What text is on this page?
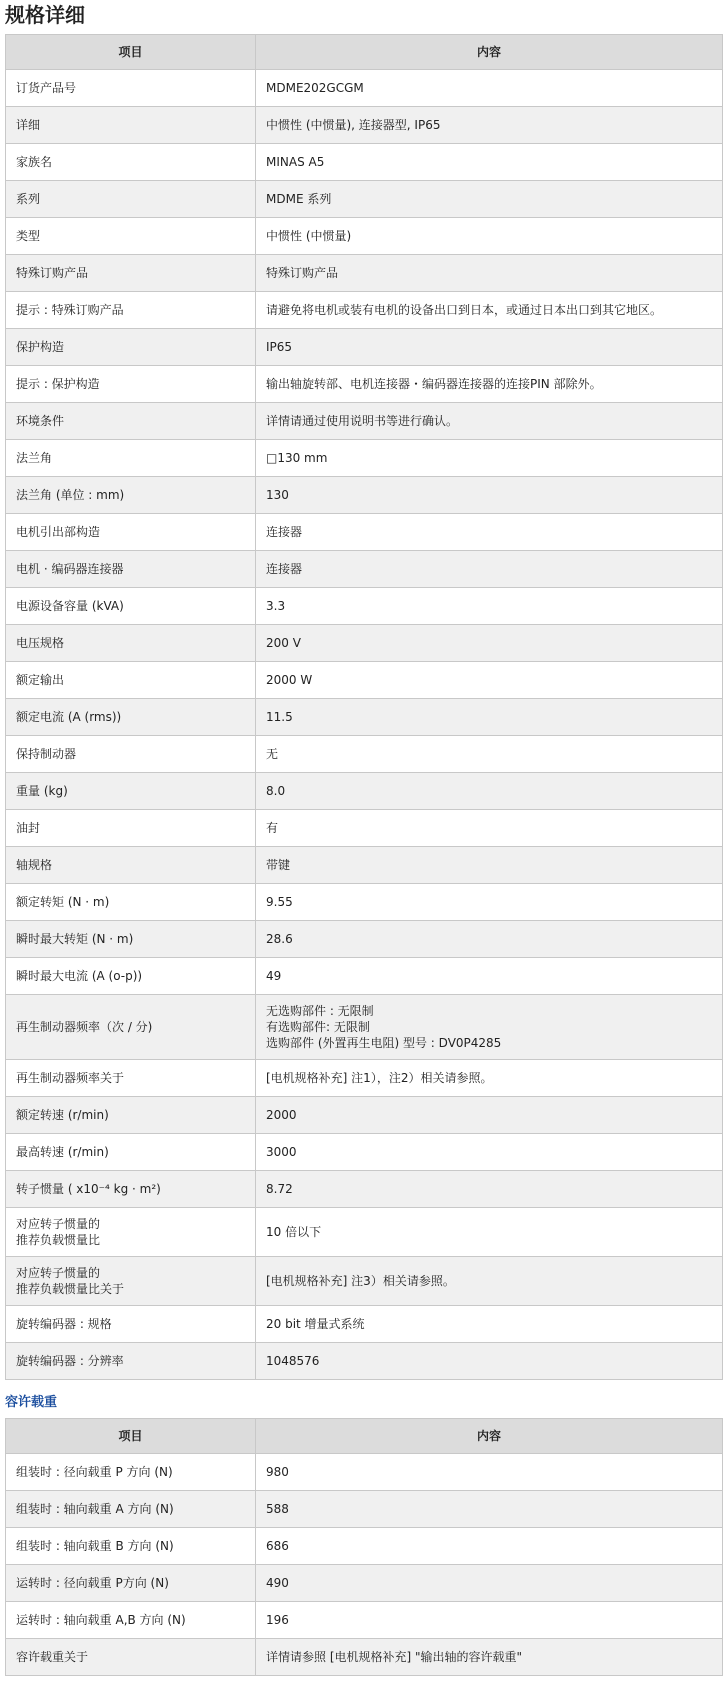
规格详细
项目	内容
订货产品号	MDME202GCGM

详细	中惯性 (中惯量), 连接器型, IP65

家族名	MINAS A5

系列	MDME 系列

类型	中惯性 (中惯量)

特殊订购产品	特殊订购产品

提示 : 特殊订购产品	请避免将电机或装有电机的设备出口到日本，或通过日本出口到其它地区。

保护构造	IP65

提示 : 保护构造	输出轴旋转部、电机连接器・编码器连接器的连接PIN 部除外。

环境条件	详情请通过使用说明书等进行确认。

法兰角	□130 mm

法兰角 (单位 : mm)	130

电机引出部构造	连接器

电机 · 编码器连接器	连接器

电源设备容量 (kVA)	3.3

电压规格	200 V

额定输出	2000 W

额定电流 (A (rms))	11.5

保持制动器	无

重量 (kg)	8.0

油封	有

轴规格	带键

额定转矩 (N · m)	9.55

瞬时最大转矩 (N · m)	28.6

瞬时最大电流 (A (o-p))	49

再生制动器频率（次 / 分)	无选购部件 : 无限制
有选购部件: 无限制
选购部件 (外置再生电阻) 型号 : DV0P4285

再生制动器频率关于	[电机规格补充] 注1），注2）相关请参照。

额定转速 (r/min)	2000

最高转速 (r/min)	3000

转子惯量 ( x10⁻⁴ kg · m²)	8.72

对应转子惯量的
推荐负载惯量比	10 倍以下

对应转子惯量的
推荐负载惯量比关于	[电机规格补充] 注3）相关请参照。

旋转编码器 : 规格	20 bit 增量式系统

旋转编码器 : 分辨率	1048576
容许载重
项目	内容
组装时 : 径向载重 P 方向 (N)	980

组装时 : 轴向载重 A 方向 (N)	588

组装时 : 轴向载重 B 方向 (N)	686

运转时 : 径向载重 P方向 (N)	490

运转时 : 轴向载重 A,B 方向 (N)	196

容许载重关于	详情请参照 [电机规格补充] "输出轴的容许载重"
